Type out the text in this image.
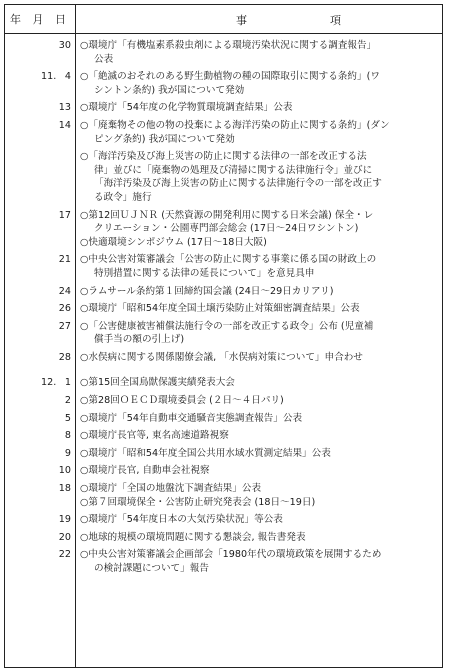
年 月 日	事	項
30 ○環境庁「有機塩素系殺虫剤による環境汚染状況に関する調査報告」
公表
11. 4 ○「絶滅のおそれのある野生動植物の種の国際取引に関する条約」(ワ
シントン条約) 我が国について発効
13 ○環境庁「54年度の化学物質環境調査結果」公表
14 ○「廃棄物その他の物の投棄による海洋汚染の防止に関する条約」(ダン
ピング条約) 我が国について発効
○「海洋汚染及び海上災害の防止に関する法律の一部を改正する法
律」並びに「廃棄物の処理及び清掃に関する法律施行令」並びに
「海洋汚染及び海上災害の防止に関する法律施行令の一部を改正す
る政令」施行
17 ○第12回ＵＪＮＲ (天然資源の開発利用に関する日米会議) 保全・レ
クリエーション・公園専門部会総会 (17日～24日ワシントン)
○快適環境シンポジウム (17日～18日大阪)
21 ○中央公害対策審議会「公害の防止に関する事業に係る国の財政上の
特別措置に関する法律の延長について」を意見具申
24 ○ラムサール条約第１回締約国会議 (24日～29日カリアリ)
26 ○環境庁「昭和54年度全国土壌汚染防止対策細密調査結果」公表
27 ○「公害健康被害補償法施行令の一部を改正する政令」公布 (児童補
償手当の額の引上げ)
28 ○水俣病に関する関係閣僚会議, 「水俣病対策について」申合わせ
12. 1 ○第15回全国鳥獣保護実績発表大会
2 ○第28回ＯＥＣＤ環境委員会 (２日～４日パリ)
5 ○環境庁「54年自動車交通騒音実態調査報告」公表
8 ○環境庁長官等, 東名高速道路視察
9 ○環境庁「昭和54年度全国公共用水域水質測定結果」公表
10 ○環境庁長官, 自動車会社視察
18 ○環境庁「全国の地盤沈下調査結果」公表
○第７回環境保全・公害防止研究発表会 (18日～19日)
19 ○環境庁「54年度日本の大気汚染状況」等公表
20 ○地球的規模の環境問題に関する懇談会, 報告書発表
22 ○中央公害対策審議会企画部会「1980年代の環境政策を展開するため
の検討課題について」報告
